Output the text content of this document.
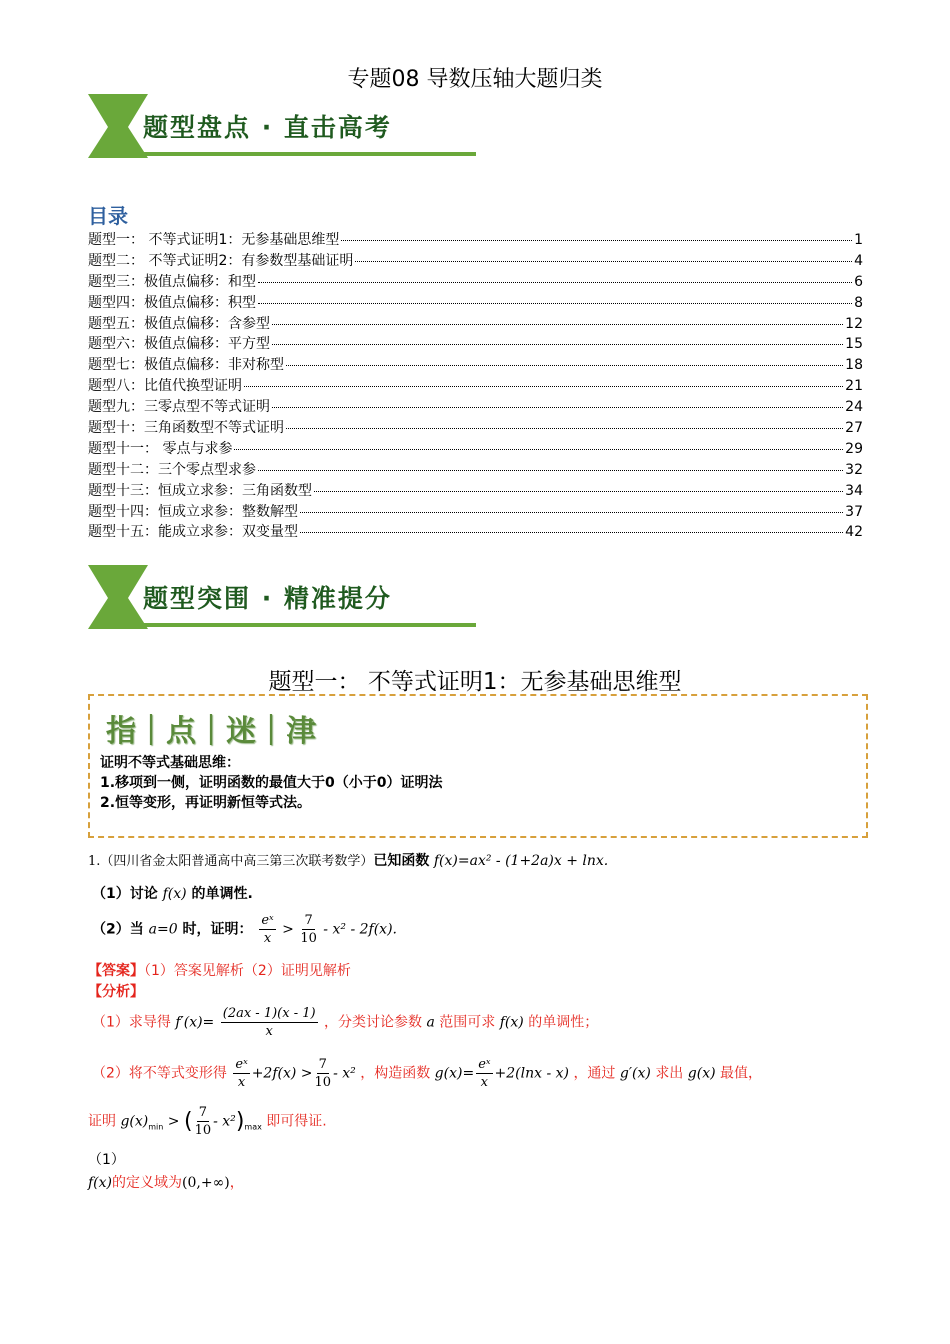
专题08 导数压轴大题归类
题型盘点 · 直击高考
目录
题型一： 不等式证明1：无参基础思维型	1
题型二： 不等式证明2：有参数型基础证明	4
题型三：极值点偏移：和型	6
题型四：极值点偏移：积型	8
题型五：极值点偏移：含参型	12
题型六：极值点偏移：平方型	15
题型七：极值点偏移：非对称型	18
题型八：比值代换型证明	21
题型九：三零点型不等式证明	24
题型十：三角函数型不等式证明	27
题型十一： 零点与求参	29
题型十二：三个零点型求参	32
题型十三：恒成立求参：三角函数型	34
题型十四：恒成立求参：整数解型	37
题型十五：能成立求参：双变量型	42
题型突围 · 精准提分
题型一： 不等式证明1：无参基础思维型
指｜点｜迷｜津
证明不等式基础思维：
1.移项到一侧，证明函数的最值大于0（小于0）证明法
2.恒等变形，再证明新恒等式法。
1.（四川省金太阳普通高中高三第三次联考数学）已知函数 f(x)=ax² - (1+2a)x + lnx.
（1）讨论 f(x) 的单调性.
（2）当 a=0 时，证明： $\frac{\text{eˣ}}{x} > \frac{7}{10} - x^2 - 2f(x)$.
【答案】（1）答案见解析（2）证明见解析
【分析】
（1）求导得 $f'(x)= \frac{(2ax - 1)(x - 1)}{x}$ ，分类讨论参数 a 范围可求 f(x) 的单调性；
（2）将不等式变形得 $\frac{\text{eˣ}}{x} +2f(x) > \frac{7}{10} - x^2$ ，构造函数 $g(x)= \frac{\text{eˣ}}{x} +2(\ln x - x)$ ，通过 g′(x) 求出 g(x) 最值，
证明 $g(x)_{min}$ > ( $\frac{7}{10} - x^2)_{max}$ 即可得证.
（1）
f(x)的定义域为(0,+∞)，
